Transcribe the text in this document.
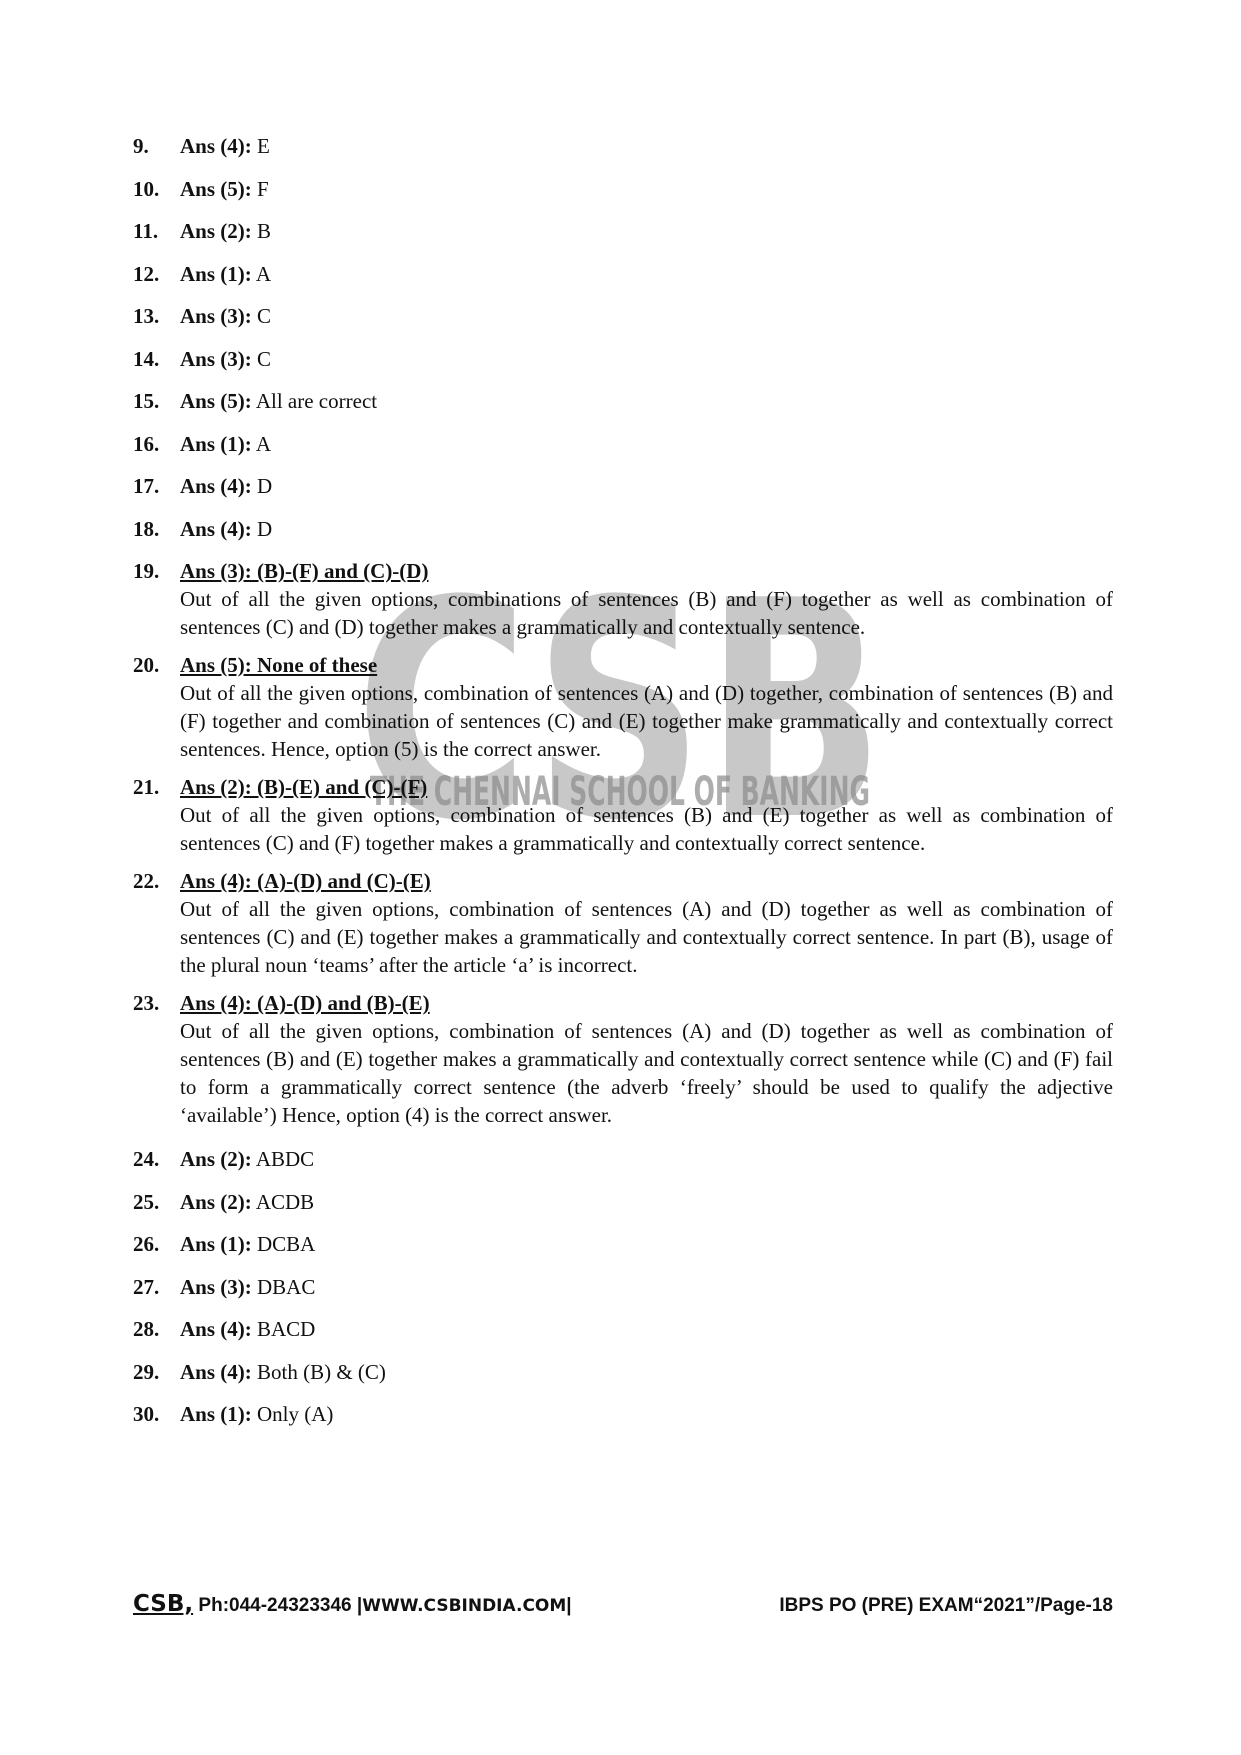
CSB
THE CHENNAI SCHOOL OF BANKING
9.	Ans (4): E
10. Ans (5): F
11.	Ans (2): B
12. Ans (1): A
13. Ans (3): C
14. Ans (3): C
15. Ans (5): All are correct
16. Ans (1): A
17. Ans (4): D
18. Ans (4): D
19. Ans (3): (B)-(F) and (C)-(D)
Out of all the given options, combinations of sentences (B) and (F) together as well as combination of sentences (C) and (D) together makes a grammatically and contextually sentence.
20. Ans (5): None of these
Out of all the given options, combination of sentences (A) and (D) together, combination of sentences (B) and (F) together and combination of sentences (C) and (E) together make grammatically and contextually correct sentences. Hence, option (5) is the correct answer.
21. Ans (2): (B)-(E) and (C)-(F)
Out of all the given options, combination of sentences (B) and (E) together as well as combination of sentences (C) and (F) together makes a grammatically and contextually correct sentence.
22. Ans (4): (A)-(D) and (C)-(E)
Out of all the given options, combination of sentences (A) and (D) together as well as combination of sentences (C) and (E) together makes a grammatically and contextually correct sentence. In part (B), usage of the plural noun ‘teams’ after the article ‘a’ is incorrect.
23. Ans (4): (A)-(D) and (B)-(E)
Out of all the given options, combination of sentences (A) and (D) together as well as combination of sentences (B) and (E) together makes a grammatically and contextually correct sentence while (C) and (F) fail to form a grammatically correct sentence (the adverb ‘freely’ should be used to qualify the adjective ‘available’) Hence, option (4) is the correct answer.
24. Ans (2): ABDC
25. Ans (2): ACDB
26. Ans (1): DCBA
27. Ans (3): DBAC
28. Ans (4): BACD
29. Ans (4): Both (B) & (C)
30. Ans (1): Only (A)
CSB, Ph:044-24323346 |WWW.CSBINDIA.COM|	IBPS PO (PRE) EXAM“2021”/Page-18
